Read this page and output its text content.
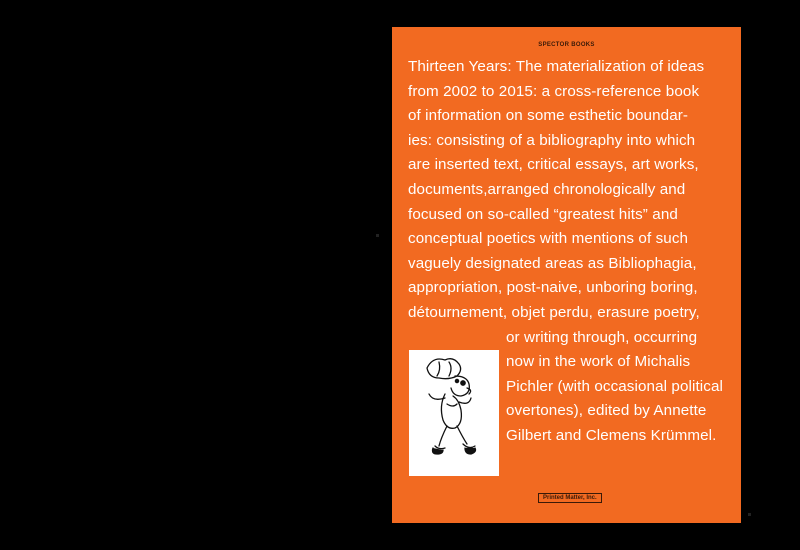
SPECTOR BOOKS
Thirteen Years: The materialization of ideas
from 2002 to 2015: a cross-reference book
of information on some esthetic boundar-
ies: consisting of a bibliography into which
are inserted text, critical essays, art works,
documents,arranged chronologically and
focused on so-called “greatest hits” and
conceptual poetics with mentions of such
vaguely designated areas as Bibliophagia,
appropriation, post-naive, unboring boring,
détournement, objet perdu, erasure poetry,
or writing through, occurring
now in the work of Michalis
Pichler (with occasional political
overtones), edited by Annette
Gilbert and Clemens Krümmel.
Printed Matter, Inc.
